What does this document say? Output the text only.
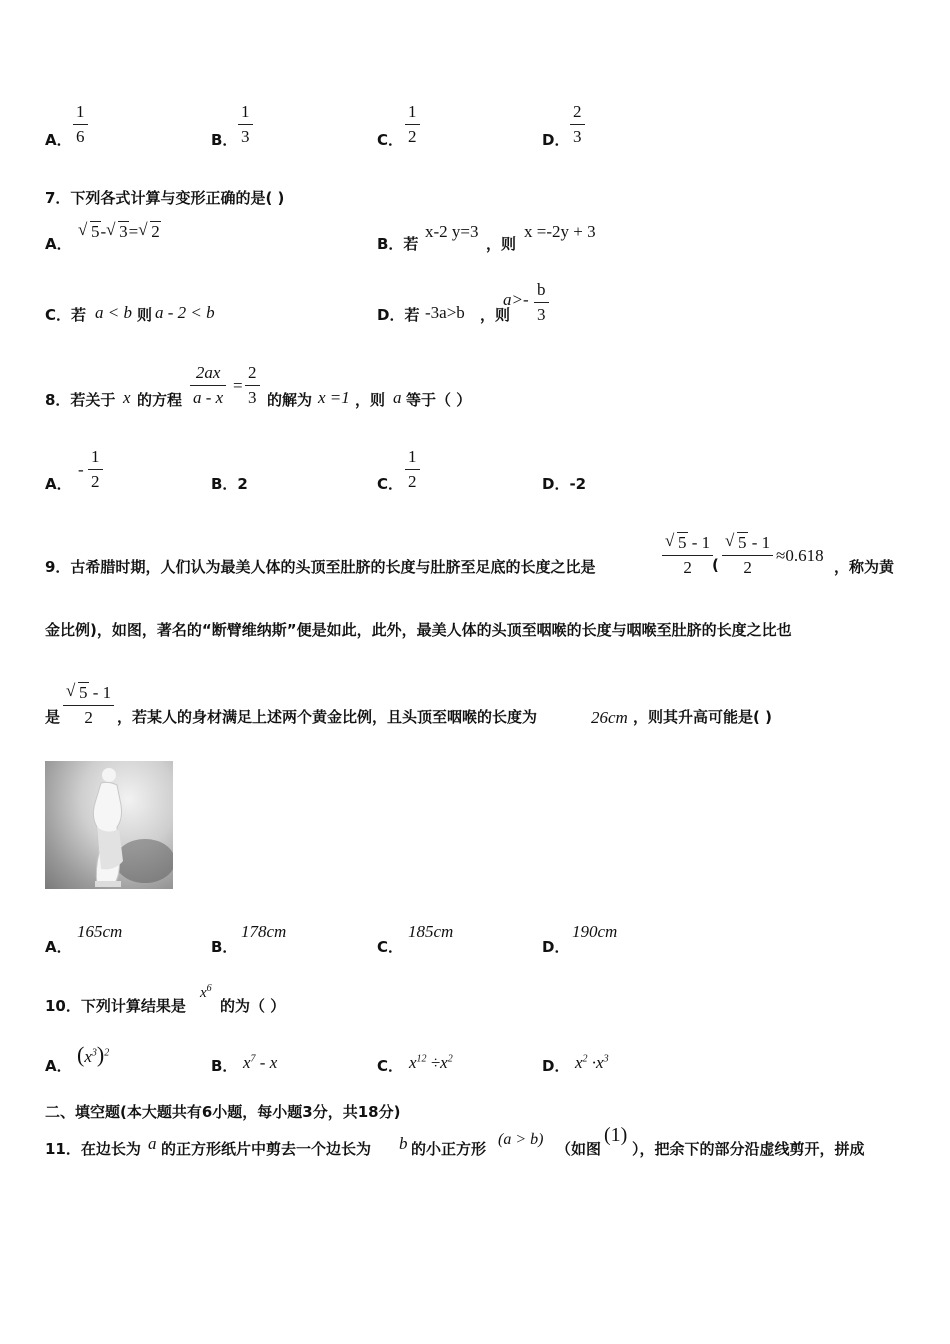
A．
1
6	B．
1
3	C．
1
2	D．
2
3
7．下列各式计算与变形正确的是( )
A．
√ 5- √ 3= √ 2
B．若
x-2 y=3
，则
x =-2y + 3
C．若 a < b 则 a - 2 < b	D．若 -3a>b ，则
a>-
b
3
8．若关于 x 的方程
2ax
a - x
=
2
3 的解为 x =1 ，则 a 等于（ ）
A．
-
1
2	B．2	C．
1
2	D．-2
9．古希腊时期，人们认为最美人体的头顶至肚脐的长度与肚脐至足底的长度之比是
√ 5 - 1
2 (
√ 5 - 1
2
≈0.618
，称为黄
金比例)，如图，著名的“断臂维纳斯”便是如此，此外，最美人体的头顶至咽喉的长度与咽喉至肚脐的长度之比也
是
√ 5 - 1
2 ，若某人的身材满足上述两个黄金比例，且头顶至咽喉的长度为	26cm ，则其升高可能是( )
A．
165cm
B．
178cm
C．
185cm
D．
190cm
10．下列计算结果是
$x^6$
的为（ ）
A． $(x^3)^2$
B． $x^7$ - x	C． $x^{12} \div x^2$	D． $x^2 \cdot x^3$
二、填空题(本大题共有6小题，每小题3分，共18分)
11．在边长为 a 的正方形纸片中剪去一个边长为 b 的小正方形
(a > b)
（如图
(1)
），把余下的部分沿虚线剪开，拼成
